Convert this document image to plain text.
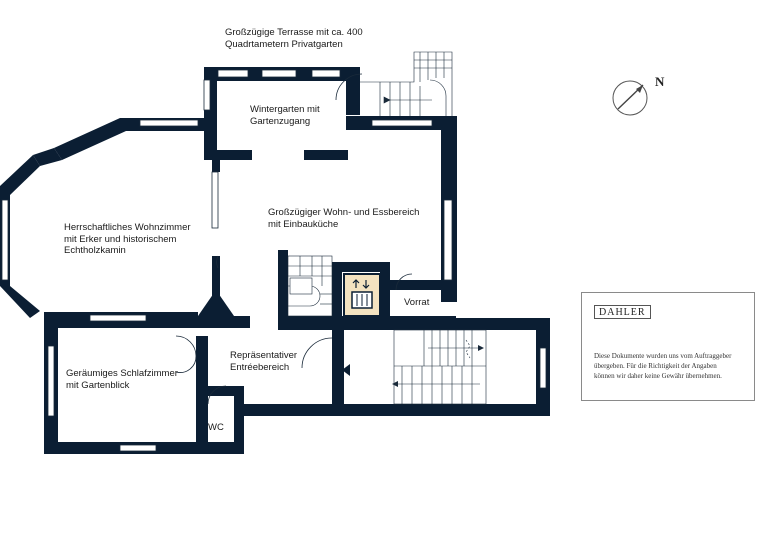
Großzügige Terrasse mit ca. 400
Quadrtametern Privatgarten
Wintergarten mit
Gartenzugang
Herrschaftliches Wohnzimmer
mit Erker und historischem
Echtholzkamin
Großzügiger Wohn- und Essbereich
mit Einbauküche
Geräumiges Schlafzimmer
mit Gartenblick
Repräsentativer
Entréebereich
Vorrat
WC
N
DAHLER
Diese Dokumente wurden uns vom Auftraggeber
übergeben. Für die Richtigkeit der Angaben
können wir daher keine Gewähr übernehmen.
